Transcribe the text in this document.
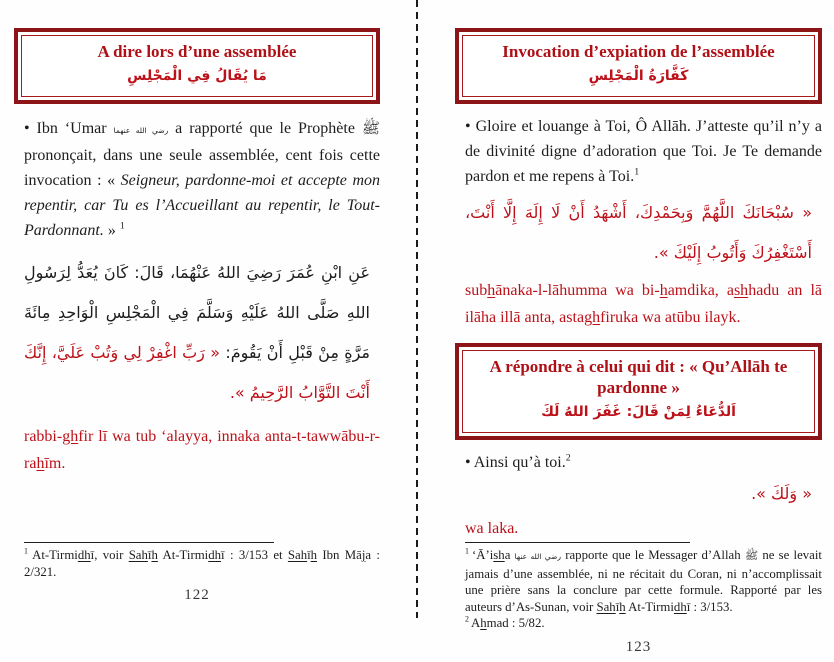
A dire lors d’une assemblée
مَا يُقَالُ فِي الْمَجْلِسِ

• Ibn ‘Umar رضي الله عنهما a rapporté que le Prophète ﷺ prononçait, dans une seule assemblée, cent fois cette invocation : « Seigneur, pardonne-moi et accepte mon repentir, car Tu es l’Accueillant au repentir, le Tout-Pardonnant. » $^1$

عَنِ ابْنِ عُمَرَ رَضِيَ اللهُ عَنْهُمَا، قَالَ: كَانَ يُعَدُّ لِرَسُولِ اللهِ صَلَّى اللهُ عَلَيْهِ وَسَلَّمَ فِي الْمَجْلِسِ الْوَاحِدِ مِائَةَ مَرَّةٍ مِنْ قَبْلِ أَنْ يَقُومَ: « رَبِّ اغْفِرْ لِي وَتُبْ عَلَيَّ، إِنَّكَ أَنْتَ التَّوَّابُ الرَّحِيمُ ».

rabbi-ghfir lī wa tub ‘alayya, innaka anta-t-tawwābu-r-rahīm.

$^1$ At-Tirmidhī, voir Sahīh At-Tirmidhī : 3/153 et Sahīh Ibn Māja : 2/321.

122
Invocation d’expiation de l’assemblée
كَفَّارَةُ الْمَجْلِسِ

• Gloire et louange à Toi, Ô Allāh. J’atteste qu’il n’y a de divinité digne d’adoration que Toi. Je Te demande pardon et me repens à Toi.$^1$

« سُبْحَانَكَ اللَّهُمَّ وَبِحَمْدِكَ، أَشْهَدُ أَنْ لَا إِلَهَ إِلَّا أَنْتَ، أَسْتَغْفِرُكَ وَأَتُوبُ إِلَيْكَ ».

subhānaka-l-lāhumma wa bi-hamdika, ashhadu an lā ilāha illā anta, astaghfiruka wa atūbu ilayk.

A répondre à celui qui dit : « Qu’Allāh te pardonne »
اَلدُّعَاءُ لِمَنْ قَالَ: غَفَرَ اللهُ لَكَ

• Ainsi qu’à toi.$^2$

« وَلَكَ ».

wa laka.

$^1$ ‘Ā’isha رضي الله عنها rapporte que le Messager d’Allah ﷺ ne se levait jamais d’une assemblée, ni ne récitait du Coran, ni n’accomplissait une prière sans la conclure par cette formule. Rapporté par les auteurs d’As-Sunan, voir Sahīh At-Tirmidhī : 3/153.

$^2$ Ahmad : 5/82.

123
